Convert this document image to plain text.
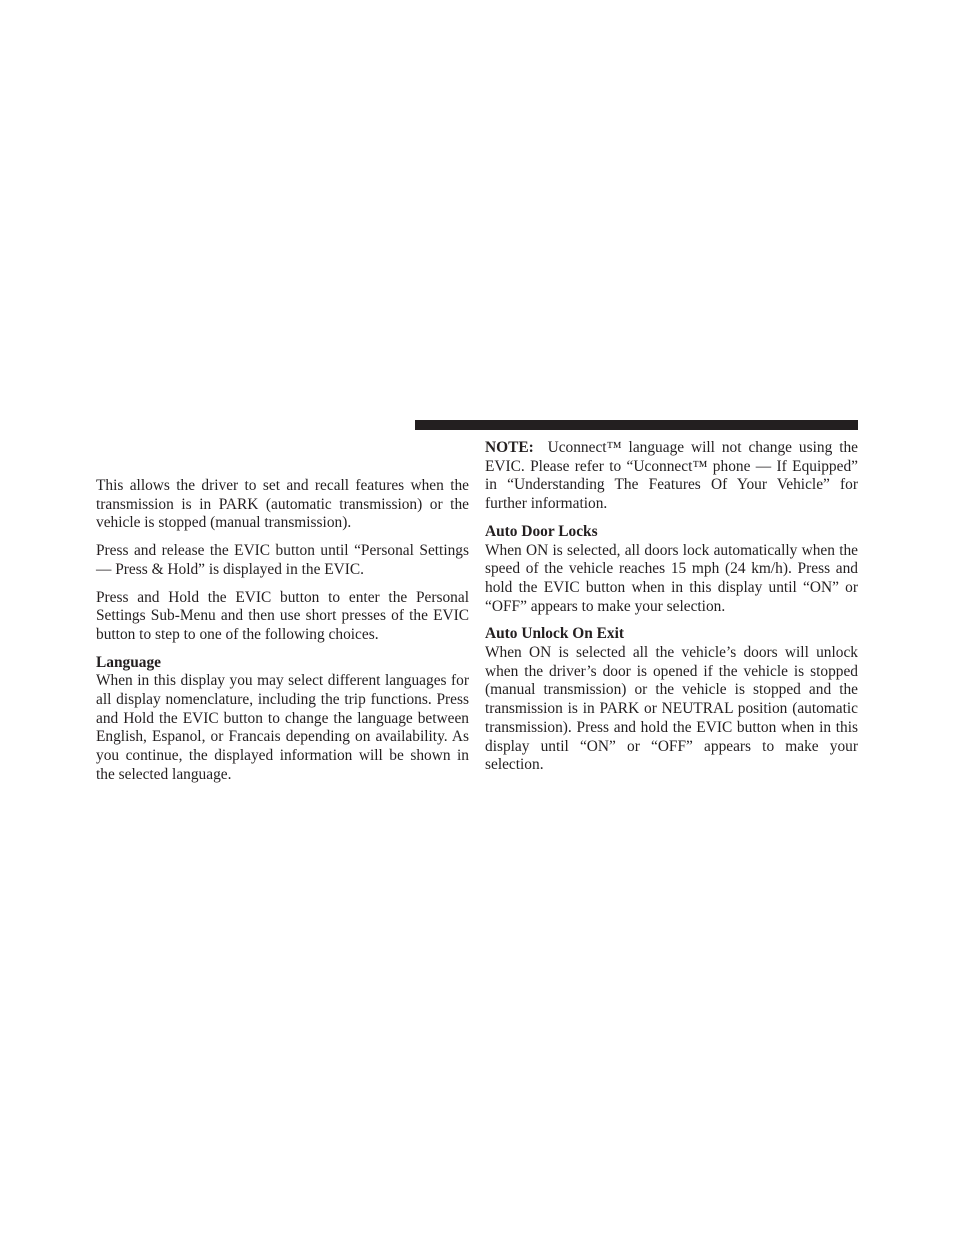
This allows the driver to set and recall features when the transmission is in PARK (automatic transmission) or the vehicle is stopped (manual transmission).

Press and release the EVIC button until “Personal Settings — Press & Hold” is displayed in the EVIC.

Press and Hold the EVIC button to enter the Personal Settings Sub-Menu and then use short presses of the EVIC button to step to one of the following choices.

Language

When in this display you may select different languages for all display nomenclature, including the trip functions. Press and Hold the EVIC button to change the language between English, Espanol, or Francais depending on availability. As you continue, the displayed information will be shown in the selected language.

NOTE: Uconnect™ language will not change using the EVIC. Please refer to “Uconnect™ phone — If Equipped” in “Understanding The Features Of Your Vehicle” for further information.

Auto Door Locks

When ON is selected, all doors lock automatically when the speed of the vehicle reaches 15 mph (24 km/h). Press and hold the EVIC button when in this display until “ON” or “OFF” appears to make your selection.

Auto Unlock On Exit

When ON is selected all the vehicle’s doors will unlock when the driver’s door is opened if the vehicle is stopped (manual transmission) or the vehicle is stopped and the transmission is in PARK or NEUTRAL position (automatic transmission). Press and hold the EVIC button when in this display until “ON” or “OFF” appears to make your selection.
